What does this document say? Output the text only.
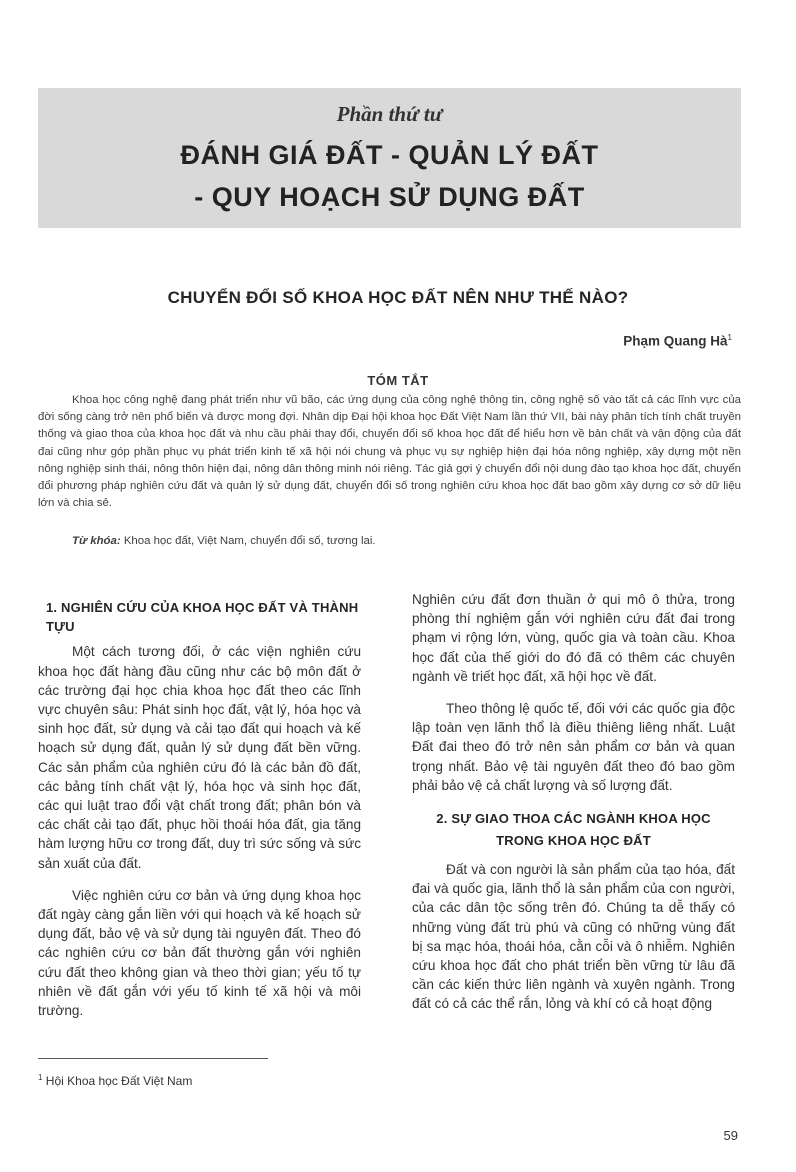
Phần thứ tư
ĐÁNH GIÁ ĐẤT - QUẢN LÝ ĐẤT
- QUY HOẠCH SỬ DỤNG ĐẤT
CHUYỂN ĐỔI SỐ KHOA HỌC ĐẤT NÊN NHƯ THẾ NÀO?
Phạm Quang $Hà^1$
TÓM TẮT

Khoa học công nghệ đang phát triển như vũ bão, các ứng dụng của công nghệ thông tin, công nghệ số vào tất cả các lĩnh vực của đời sống càng trở nên phổ biến và được mong đợi. Nhân dịp Đại hội khoa học Đất Việt Nam lần thứ VII, bài này phân tích tính chất truyền thống và giao thoa của khoa học đất và nhu cầu phải thay đổi, chuyển đổi số khoa học đất để hiểu hơn về bản chất và vận động của đất đai cũng như góp phần phục vụ phát triển kinh tế xã hội nói chung và phục vụ sự nghiệp hiện đại hóa nông nghiệp, xây dựng một nền nông nghiệp sinh thái, nông thôn hiện đại, nông dân thông minh nói riêng. Tác giả gợi ý chuyển đổi nội dung đào tạo khoa học đất, chuyển đổi phương pháp nghiên cứu đất và quản lý sử dụng đất, chuyển đổi số trong nghiên cứu khoa học đất bao gồm xây dựng cơ sở dữ liệu lớn và chia sẻ.

Từ khóa: Khoa học đất, Việt Nam, chuyển đổi số, tương lai.
1. NGHIÊN CỨU CỦA KHOA HỌC ĐẤT VÀ THÀNH TỰU

Một cách tương đối, ở các viện nghiên cứu khoa học đất hàng đầu cũng như các bộ môn đất ở các trường đại học chia khoa học đất theo các lĩnh vực chuyên sâu: Phát sinh học đất, vật lý, hóa học và sinh học đất, sử dụng và cải tạo đất qui hoạch và kế hoạch sử dụng đất, quản lý sử dụng đất bền vững. Các sản phẩm của nghiên cứu đó là các bản đồ đất, các bảng tính chất vật lý, hóa học và sinh học đất, các qui luật trao đổi vật chất trong đất; phân bón và các chất cải tạo đất, phục hồi thoái hóa đất, gia tăng hàm lượng hữu cơ trong đất, duy trì sức sống và sức sản xuất của đất.

Việc nghiên cứu cơ bản và ứng dụng khoa học đất ngày càng gắn liền với qui hoạch và kế hoạch sử dụng đất, bảo vệ và sử dụng tài nguyên đất. Theo đó các nghiên cứu cơ bản đất thường gắn với nghiên cứu đất theo không gian và theo thời gian; yếu tố tự nhiên về đất gắn với yếu tố kinh tế xã hội và môi trường.

Nghiên cứu đất đơn thuần ở qui mô ô thửa, trong phòng thí nghiệm gắn với nghiên cứu đất đai trong phạm vi rộng lớn, vùng, quốc gia và toàn cầu. Khoa học đất của thế giới do đó đã có thêm các chuyên ngành về triết học đất, xã hội học về đất.

Theo thông lệ quốc tế, đối với các quốc gia độc lập toàn vẹn lãnh thổ là điều thiêng liêng nhất. Luật Đất đai theo đó trở nên sản phẩm cơ bản và quan trọng nhất. Bảo vệ tài nguyên đất theo đó bao gồm phải bảo vệ cả chất lượng và số lượng đất.

2. SỰ GIAO THOA CÁC NGÀNH KHOA HỌC
TRONG KHOA HỌC ĐẤT

Đất và con người là sản phẩm của tạo hóa, đất đai và quốc gia, lãnh thổ là sản phẩm của con người, của các dân tộc sống trên đó. Chúng ta dễ thấy có những vùng đất trù phú và cũng có những vùng đất bị sa mạc hóa, thoái hóa, cằn cỗi và ô nhiễm. Nghiên cứu khoa học đất cho phát triển bền vững từ lâu đã cần các kiến thức liên ngành và xuyên ngành. Trong đất có cả các thể rắn, lỏng và khí có cả hoạt động

$^1$ Hội Khoa học Đất Việt Nam
59
